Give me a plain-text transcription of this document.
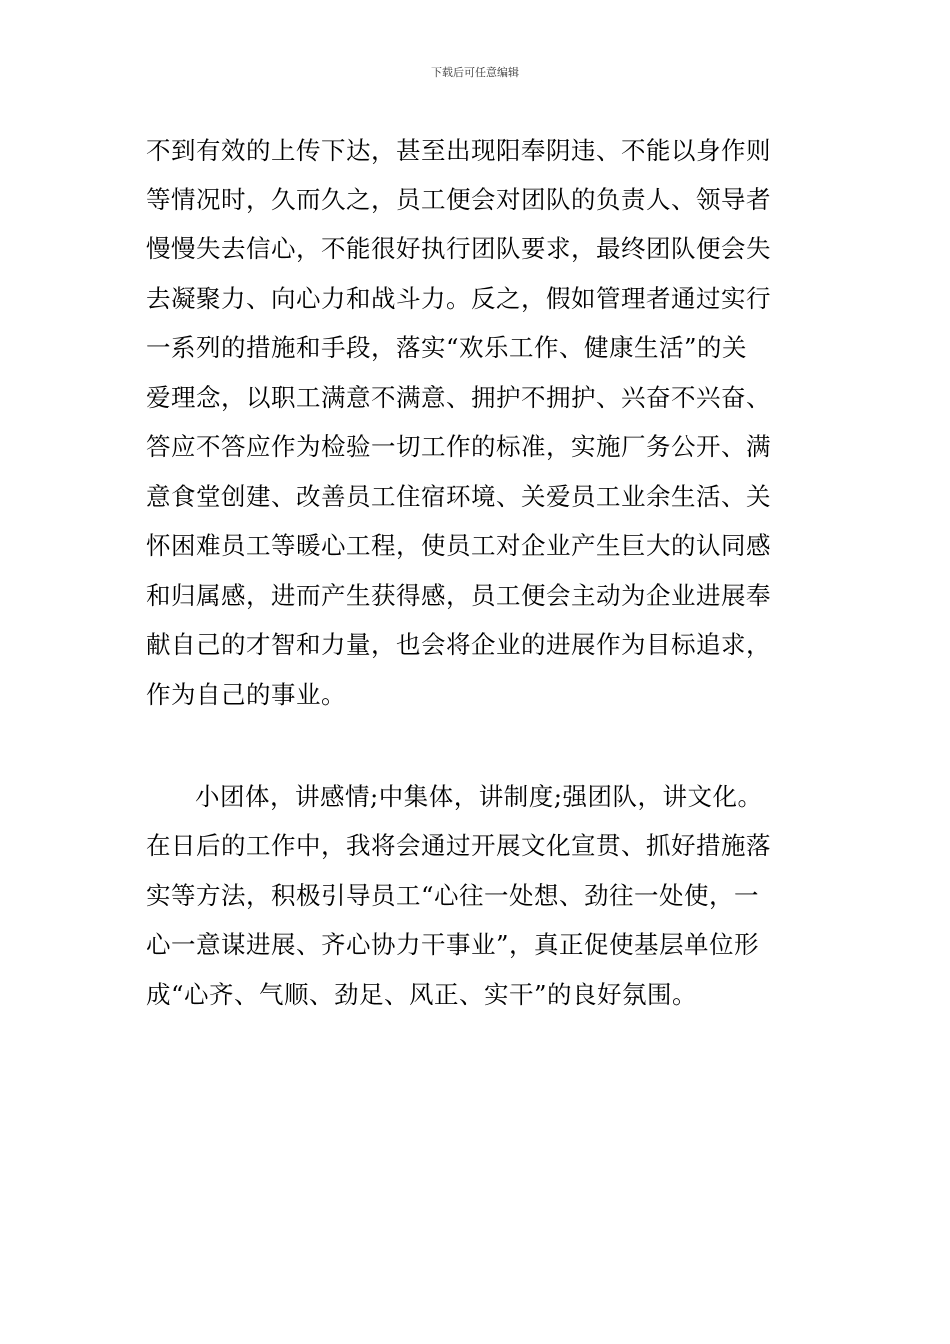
下载后可任意编辑
不到有效的上传下达，甚至出现阳奉阴违、不能以身作则
等情况时，久而久之，员工便会对团队的负责人、领导者
慢慢失去信心，不能很好执行团队要求，最终团队便会失
去凝聚力、向心力和战斗力。反之，假如管理者通过实行
一系列的措施和手段，落实“欢乐工作、健康生活”的关
爱理念，以职工满意不满意、拥护不拥护、兴奋不兴奋、
答应不答应作为检验一切工作的标准，实施厂务公开、满
意食堂创建、改善员工住宿环境、关爱员工业余生活、关
怀困难员工等暖心工程，使员工对企业产生巨大的认同感
和归属感，进而产生获得感，员工便会主动为企业进展奉
献自己的才智和力量，也会将企业的进展作为目标追求，
作为自己的事业。
小团体，讲感情;中集体，讲制度;强团队，讲文化。
在日后的工作中，我将会通过开展文化宣贯、抓好措施落
实等方法，积极引导员工“心往一处想、劲往一处使，一
心一意谋进展、齐心协力干事业”，真正促使基层单位形
成“心齐、气顺、劲足、风正、实干”的良好氛围。
